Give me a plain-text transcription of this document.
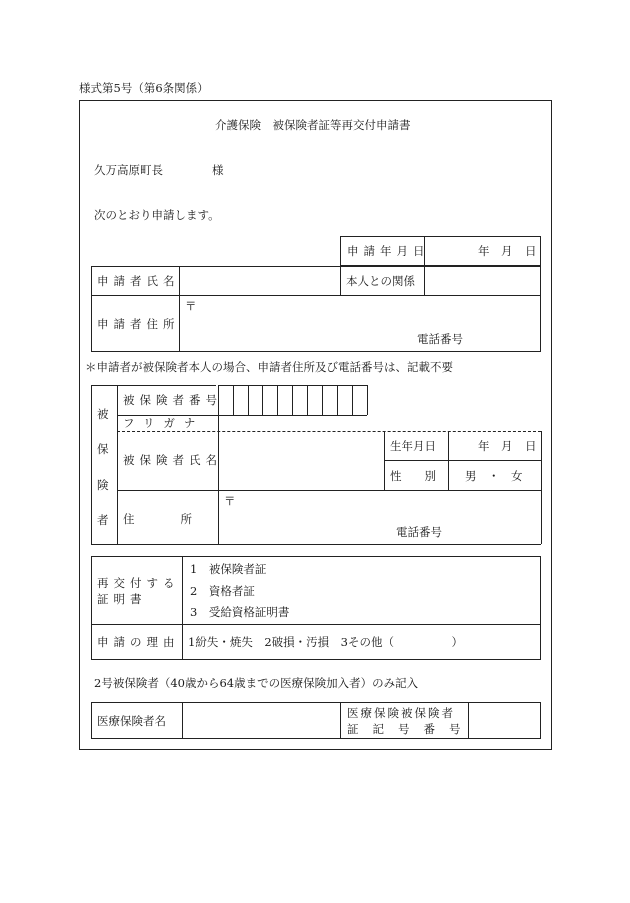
様式第5号（第6条関係）
介護保険　被保険者証等再交付申請書
久万高原町長	様
次のとおり申請します。
申請年月日	年 月 日
申請者氏名	本人との関係
申請者住所
〒
電話番号
＊申請者が被保険者本人の場合、申請者住所及び電話番号は、記載不要
被
保
険
者
被保険者番号
フリガナ
被保険者氏名
生年月日	年 月 日
性　　別	男　・　女
住　　　　所
〒
電話番号
再交付する
証明書
1　被保険者証
2　資格者証
3　受給資格証明書
申請の理由 1紛失・焼失　2破損・汚損　3その他（　　　　　）
2号被保険者（40歳から64歳までの医療保険加入者）のみ記入
医療保険者名
医療保険被保険者
証記号番号
